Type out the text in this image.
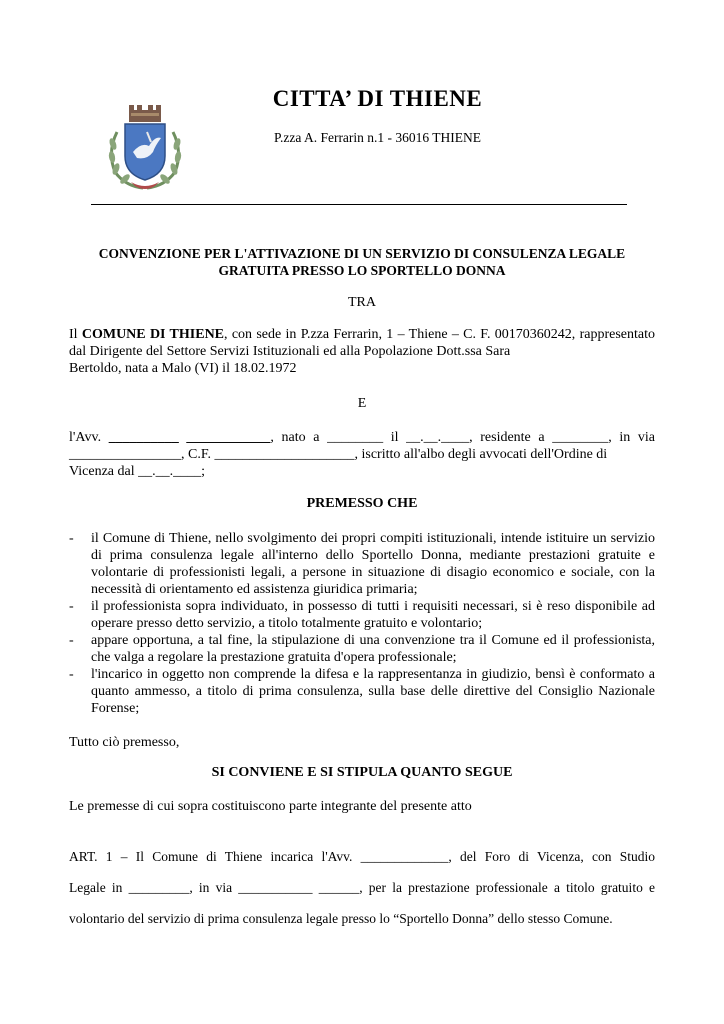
CITTA’ DI THIENE
P.zza A. Ferrarin n.1 - 36016 THIENE
CONVENZIONE PER L'ATTIVAZIONE DI UN SERVIZIO DI CONSULENZA LEGALE
GRATUITA PRESSO LO SPORTELLO DONNA
TRA
Il COMUNE DI THIENE, con sede in P.zza Ferrarin, 1 – Thiene – C. F. 00170360242, rappresentato dal Dirigente del Settore Servizi Istituzionali ed alla Popolazione Dott.ssa Sara
Bertoldo, nata a Malo (VI) il 18.02.1972
E
l'Avv. __________ ____________, nato a ________ il __.__.____, residente a ________, in via ________________, C.F. ____________________, iscritto all'albo degli avvocati dell'Ordine di
Vicenza dal __.__.____;
PREMESSO CHE
- il Comune di Thiene, nello svolgimento dei propri compiti istituzionali, intende istituire un servizio di prima consulenza legale all'interno dello Sportello Donna, mediante prestazioni gratuite e volontarie di professionisti legali, a persone in situazione di disagio economico e sociale, con la necessità di orientamento ed assistenza giuridica primaria;
- il professionista sopra individuato, in possesso di tutti i requisiti necessari, si è reso disponibile ad operare presso detto servizio, a titolo totalmente gratuito e volontario;
- appare opportuna, a tal fine, la stipulazione di una convenzione tra il Comune ed il professionista, che valga a regolare la prestazione gratuita d'opera professionale;
- l'incarico in oggetto non comprende la difesa e la rappresentanza in giudizio, bensì è conformato a quanto ammesso, a titolo di prima consulenza, sulla base delle direttive del Consiglio Nazionale Forense;
Tutto ciò premesso,
SI CONVIENE E SI STIPULA QUANTO SEGUE
Le premesse di cui sopra costituiscono parte integrante del presente atto
ART. 1 – Il Comune di Thiene incarica l'Avv. _____________, del Foro di Vicenza, con Studio
Legale in _________, in via ___________ ______, per la prestazione professionale a titolo gratuito e
volontario del servizio di prima consulenza legale presso lo “Sportello Donna” dello stesso Comune.
